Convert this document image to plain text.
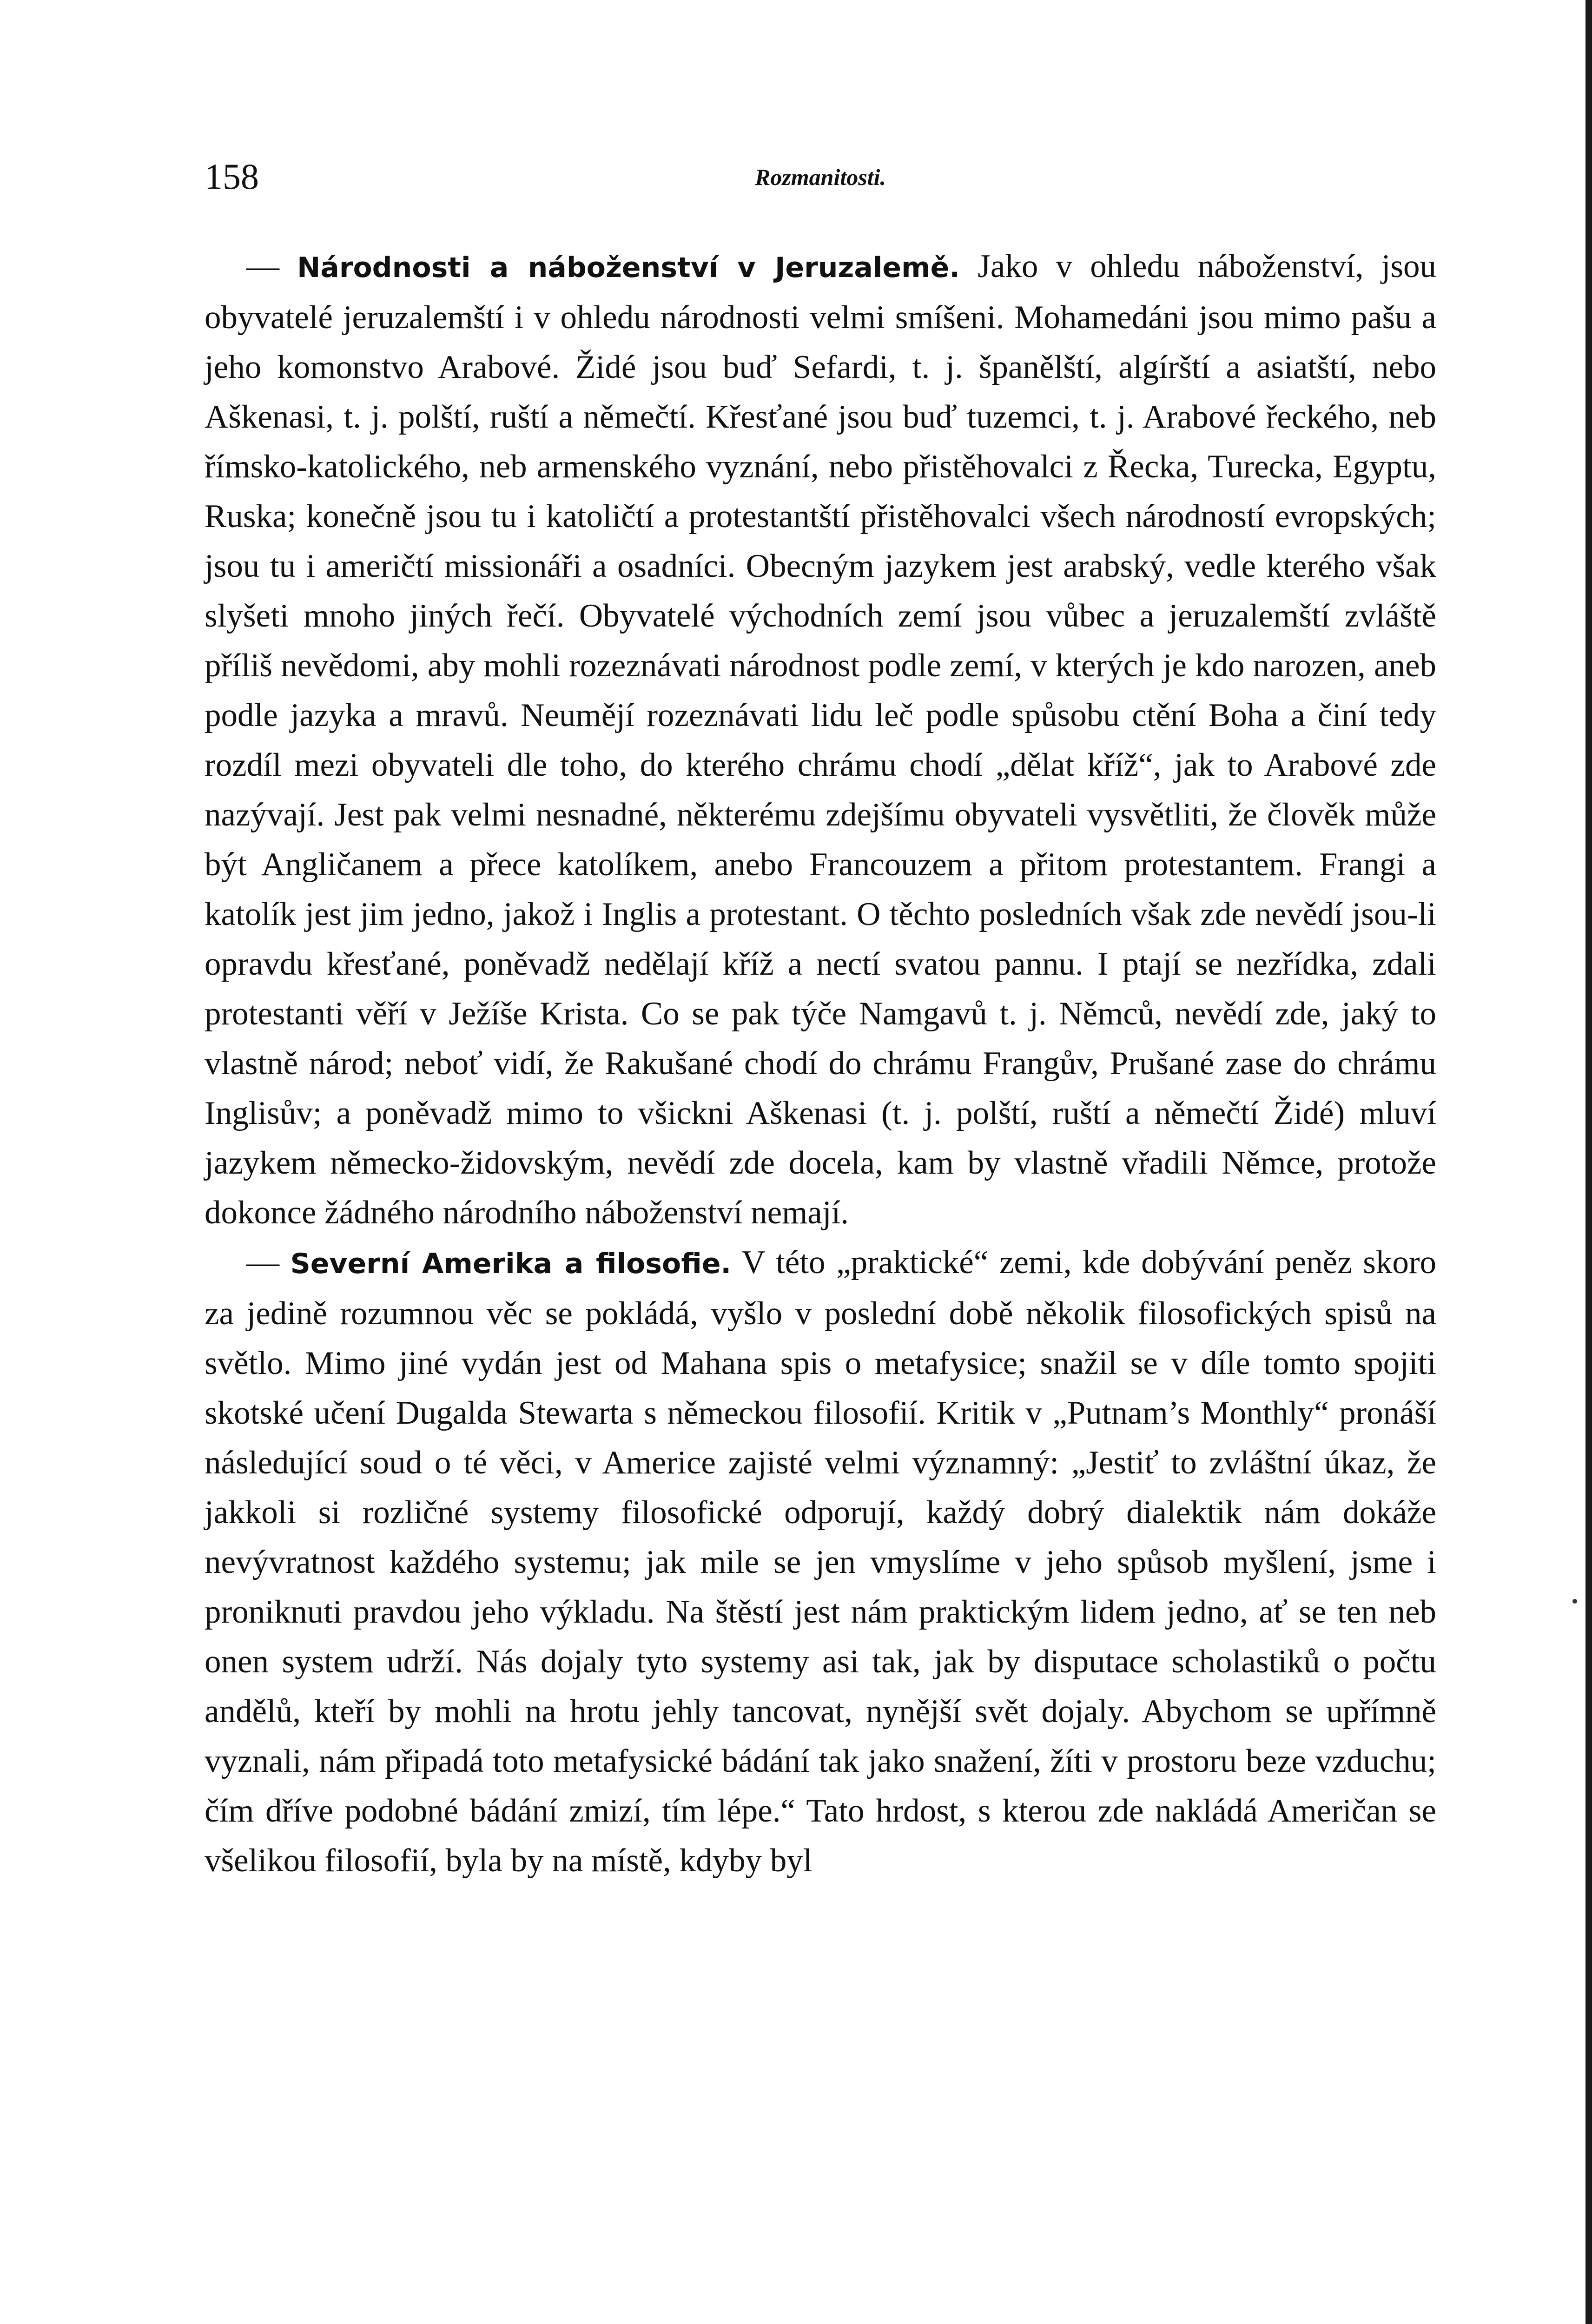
158	Rozmanitosti.

— Národnosti a náboženství v Jeruzalemě. Jako v ohledu náboženství, jsou obyvatelé jeruzalemští i v ohledu národnosti velmi smíšeni. Mohamedáni jsou mimo pašu a jeho komonstvo Arabové. Židé jsou buď Sefardi, t. j. španělští, algírští a asiatští, nebo Aškenasi, t. j. polští, ruští a němečtí. Křesťané jsou buď tuzemci, t. j. Arabové řeckého, neb římsko-katolického, neb armenského vyznání, nebo přistěhovalci z Řecka, Turecka, Egyptu, Ruska; konečně jsou tu i katoličtí a protestantští přistěhovalci všech národností evropských; jsou tu i američtí missionáři a osadníci. Obecným jazykem jest arabský, vedle kterého však slyšeti mnoho jiných řečí. Obyvatelé východních zemí jsou vůbec a jeruzalemští zvláště příliš nevědomi, aby mohli rozeznávati národnost podle zemí, v kterých je kdo narozen, aneb podle jazyka a mravů. Neumějí rozeznávati lidu leč podle spůsobu ctění Boha a činí tedy rozdíl mezi obyvateli dle toho, do kterého chrámu chodí „dělat kříž“, jak to Arabové zde nazývají. Jest pak velmi nesnadné, některému zdejšímu obyvateli vysvětliti, že člověk může být Angličanem a přece katolíkem, anebo Francouzem a přitom protestantem. Frangi a katolík jest jim jedno, jakož i Inglis a protestant. O těchto posledních však zde nevědí jsou-li opravdu křesťané, poněvadž nedělají kříž a nectí svatou pannu. I ptají se nezřídka, zdali protestanti věří v Ježíše Krista. Co se pak týče Namgavů t. j. Němců, nevědí zde, jaký to vlastně národ; neboť vidí, že Rakušané chodí do chrámu Frangův, Prušané zase do chrámu Inglisův; a poněvadž mimo to všickni Aškenasi (t. j. polští, ruští a němečtí Židé) mluví jazykem německo-židovským, nevědí zde docela, kam by vlastně vřadili Němce, protože dokonce žádného národního náboženství nemají.

— Severní Amerika a filosofie. V této „praktické“ zemi, kde dobývání peněz skoro za jedině rozumnou věc se pokládá, vyšlo v poslední době několik filosofických spisů na světlo. Mimo jiné vydán jest od Mahana spis o metafysice; snažil se v díle tomto spojiti skotské učení Dugalda Stewarta s německou filosofií. Kritik v „Putnam’s Monthly“ pronáší následující soud o té věci, v Americe zajisté velmi významný: „Jestiť to zvláštní úkaz, že jakkoli si rozličné systemy filosofické odporují, každý dobrý dialektik nám dokáže nevývratnost každého systemu; jak mile se jen vmyslíme v jeho spůsob myšlení, jsme i proniknuti pravdou jeho výkladu. Na štěstí jest nám praktickým lidem jedno, ať se ten neb onen system udrží. Nás dojaly tyto systemy asi tak, jak by disputace scholastiků o počtu andělů, kteří by mohli na hrotu jehly tancovat, nynější svět dojaly. Abychom se upřímně vyznali, nám připadá toto metafysické bádání tak jako snažení, žíti v prostoru beze vzduchu; čím dříve podobné bádání zmizí, tím lépe.“ Tato hrdost, s kterou zde nakládá Američan se všelikou filosofií, byla by na místě, kdyby byl
